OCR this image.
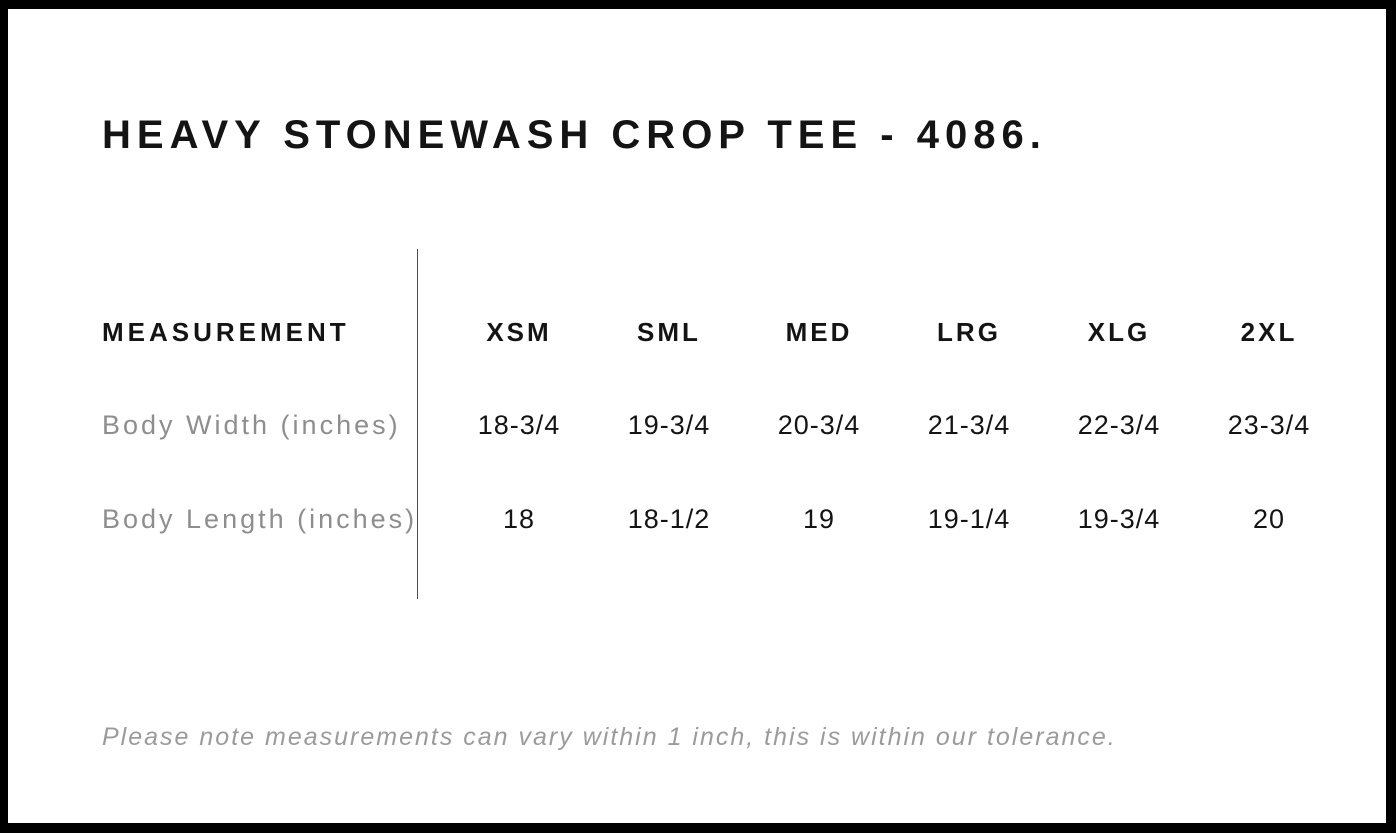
HEAVY STONEWASH CROP TEE - 4086.
MEASUREMENT	XSM	SML	MED	LRG	XLG	2XL
Body Width (inches)	18-3/4	19-3/4	20-3/4	21-3/4	22-3/4	23-3/4
Body Length (inches)	18	18-1/2	19	19-1/4	19-3/4	20

Please note measurements can vary within 1 inch, this is within our tolerance.
